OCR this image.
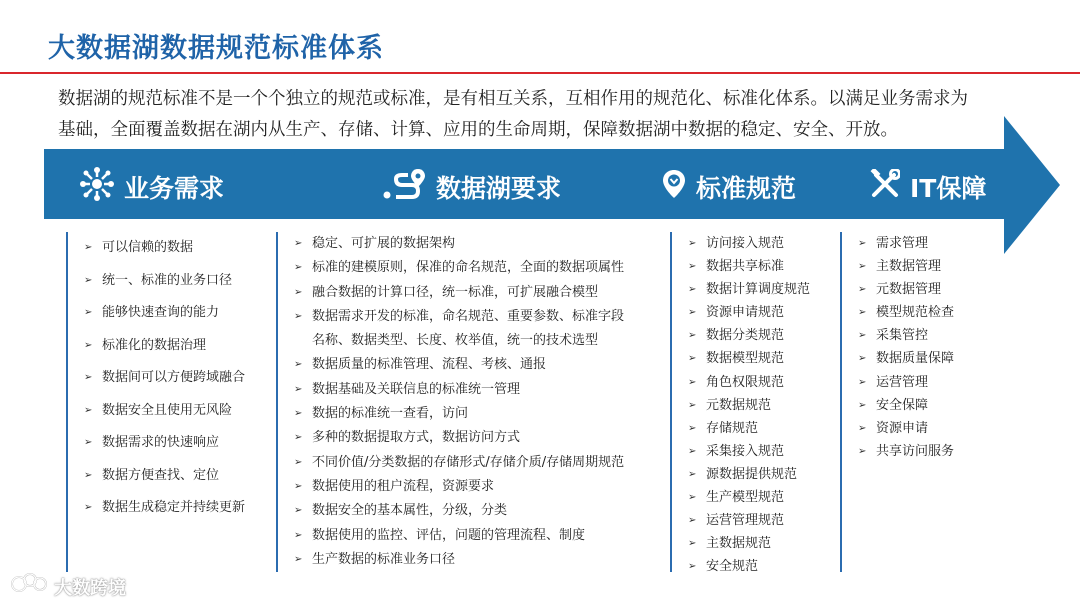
大数据湖数据规范标准体系

数据湖的规范标准不是一个个独立的规范或标准，是有相互关系，互相作用的规范化、标准化体系。以满足业务需求为

基础，全面覆盖数据在湖内从生产、存储、计算、应用的生命周期，保障数据湖中数据的稳定、安全、开放。

业务需求	数据湖要求	标准规范	IT保障
➢ 可以信赖的数据
➢ 统一、标准的业务口径
➢ 能够快速查询的能力
➢ 标准化的数据治理
➢ 数据间可以方便跨域融合
➢ 数据安全且使用无风险
➢ 数据需求的快速响应
➢ 数据方便查找、定位
➢ 数据生成稳定并持续更新
➢ 稳定、可扩展的数据架构
➢ 标准的建模原则，保准的命名规范，全面的数据项属性
➢ 融合数据的计算口径，统一标准，可扩展融合模型
➢ 数据需求开发的标准，命名规范、重要参数、标准字段
名称、数据类型、长度、枚举值，统一的技术选型
➢ 数据质量的标准管理、流程、考核、通报
➢ 数据基础及关联信息的标准统一管理
➢ 数据的标准统一查看，访问
➢ 多种的数据提取方式，数据访问方式
➢ 不同价值/分类数据的存储形式/存储介质/存储周期规范
➢ 数据使用的租户流程，资源要求
➢ 数据安全的基本属性，分级，分类
➢ 数据使用的监控、评估，问题的管理流程、制度
➢ 生产数据的标准业务口径
➢ 访问接入规范
➢ 数据共享标准
➢ 数据计算调度规范
➢ 资源申请规范
➢ 数据分类规范
➢ 数据模型规范
➢ 角色权限规范
➢ 元数据规范
➢ 存储规范
➢ 采集接入规范
➢ 源数据提供规范
➢ 生产模型规范
➢ 运营管理规范
➢ 主数据规范
➢ 安全规范
➢ 需求管理
➢ 主数据管理
➢ 元数据管理
➢ 模型规范检查
➢ 采集管控
➢ 数据质量保障
➢ 运营管理
➢ 安全保障
➢ 资源申请
➢ 共享访问服务
大数跨境
